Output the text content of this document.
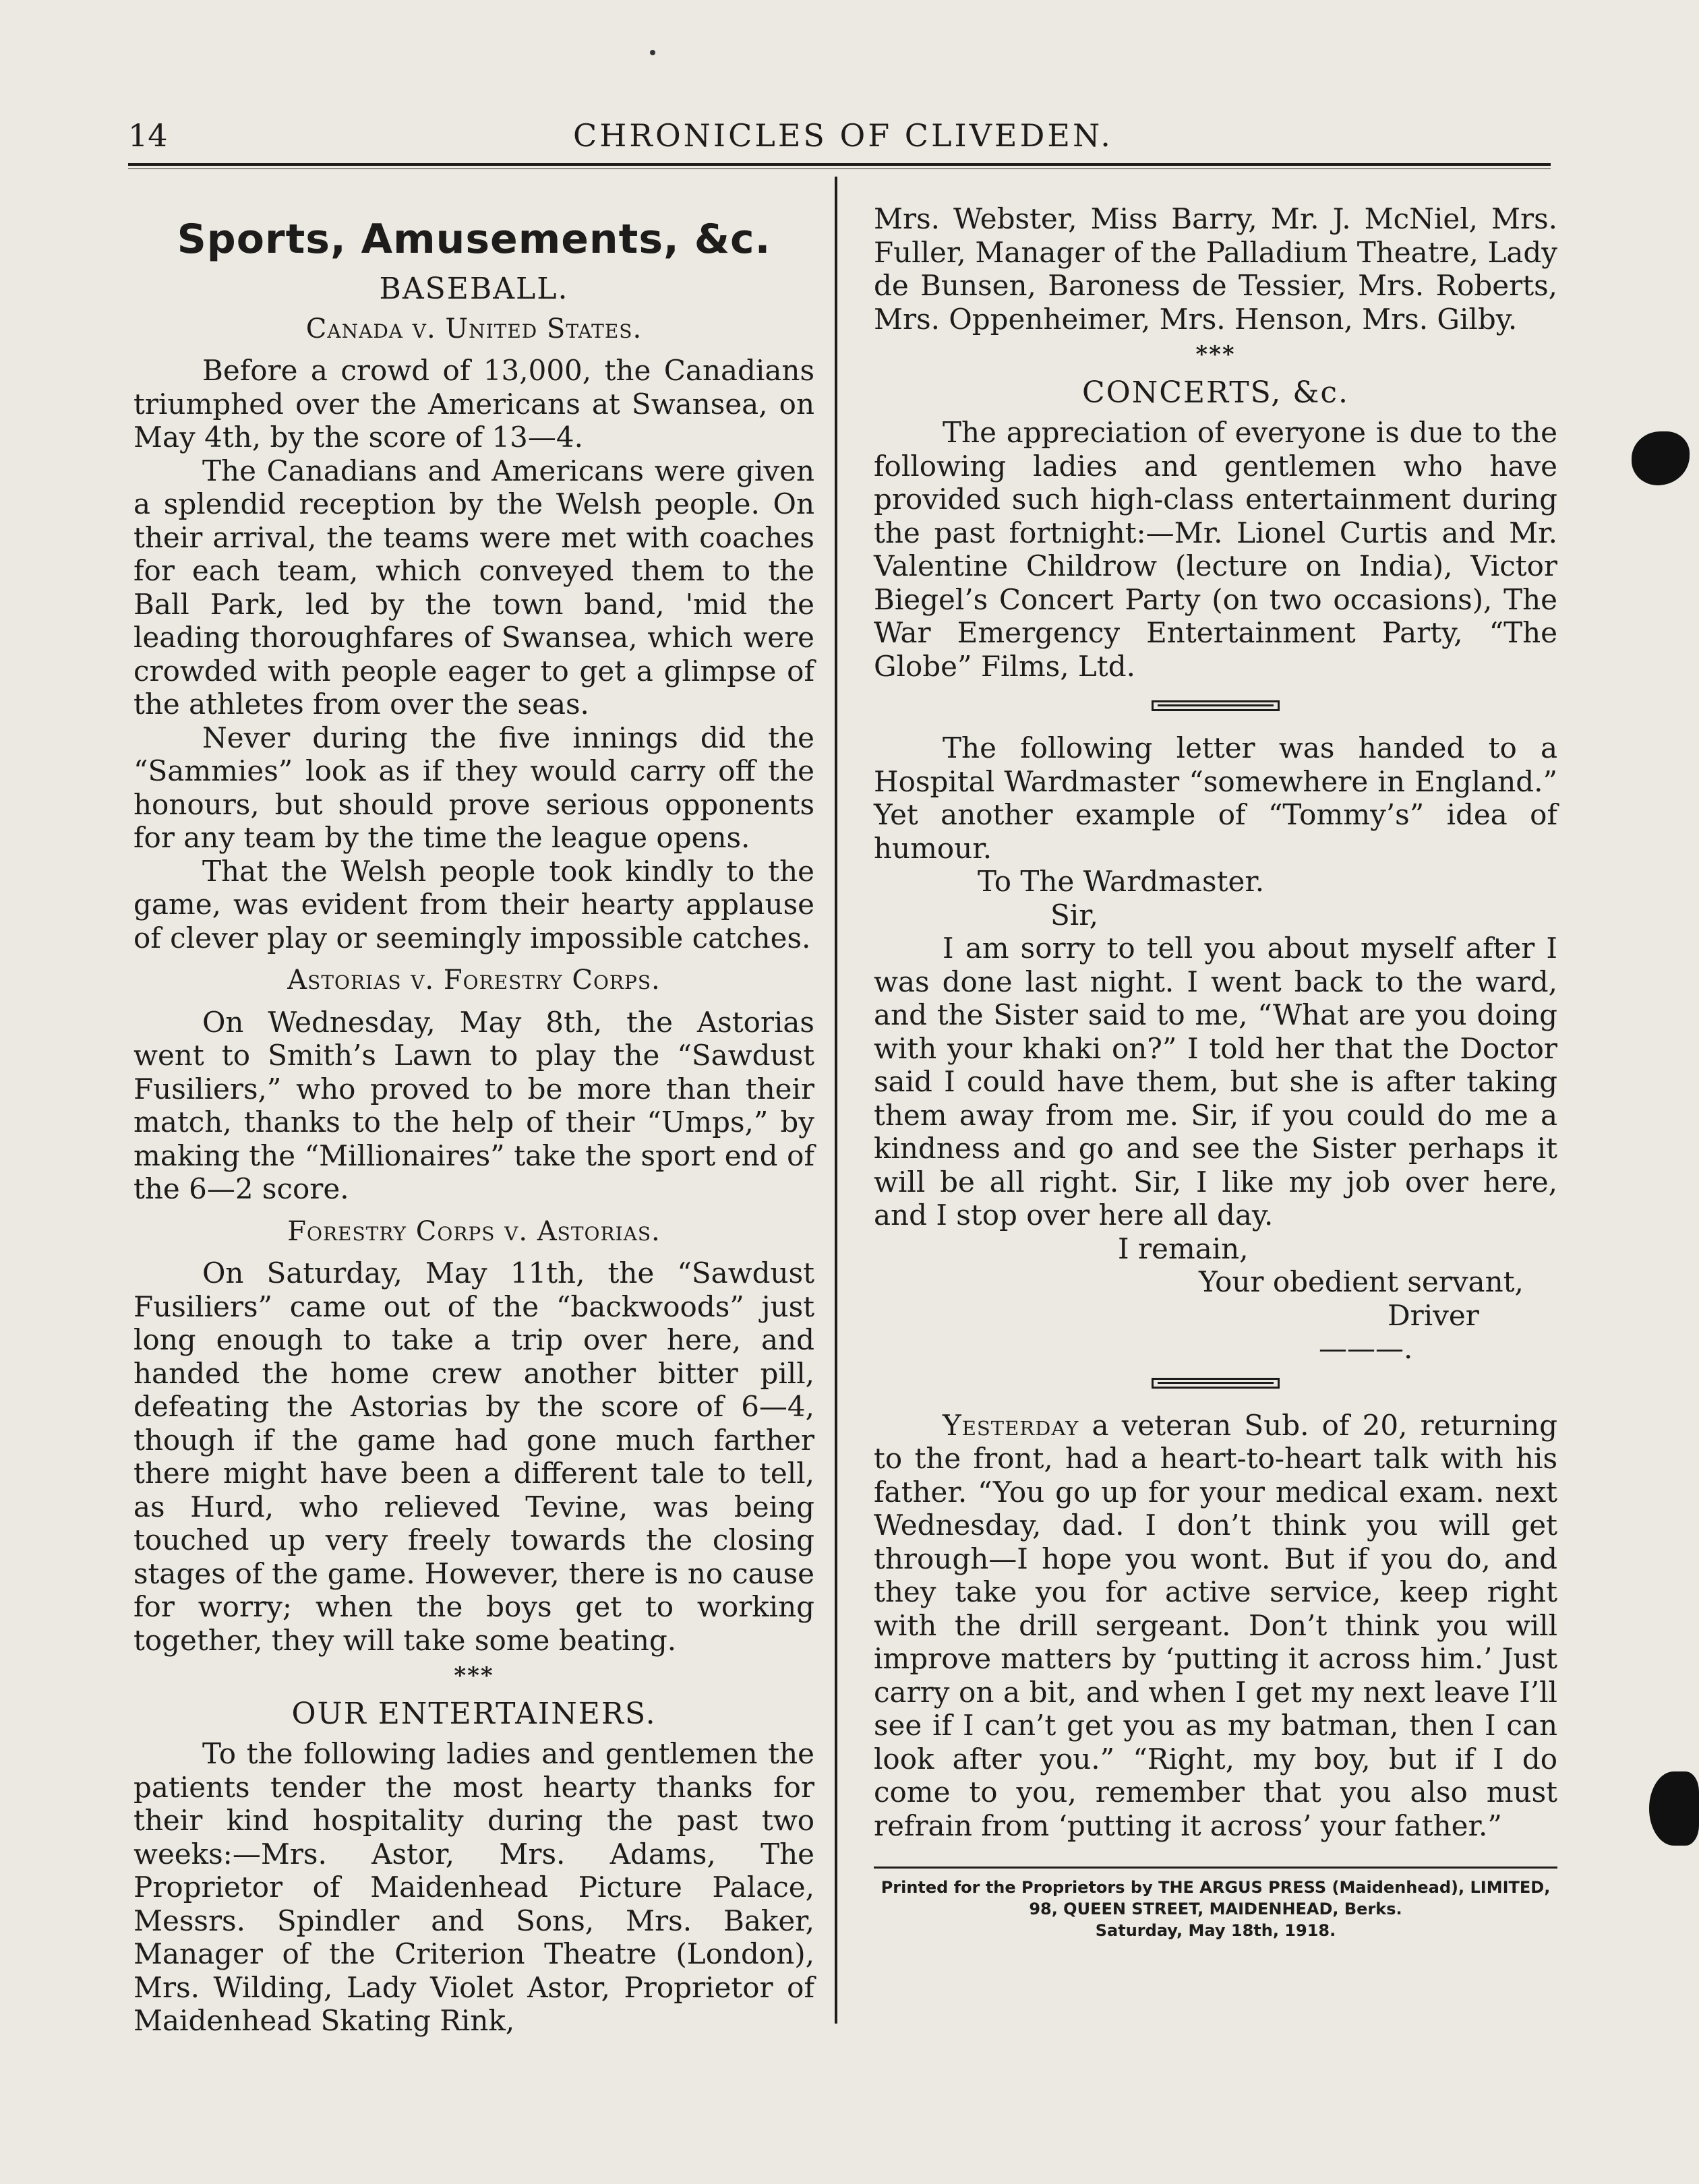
14	CHRONICLES OF CLIVEDEN.
Sports, Amusements, &c.
BASEBALL.
Canada v. United States.

Before a crowd of 13,000, the Canadians triumphed over the Americans at Swansea, on May 4th, by the score of 13—4.

The Canadians and Americans were given a splendid reception by the Welsh people. On their arrival, the teams were met with coaches for each team, which conveyed them to the Ball Park, led by the town band, 'mid the leading thoroughfares of Swansea, which were crowded with people eager to get a glimpse of the athletes from over the seas.

Never during the five innings did the “Sammies” look as if they would carry off the honours, but should prove serious opponents for any team by the time the league opens.

That the Welsh people took kindly to the game, was evident from their hearty applause of clever play or seemingly impossible catches.

Astorias v. Forestry Corps.

On Wednesday, May 8th, the Astorias went to Smith’s Lawn to play the “Sawdust Fusiliers,” who proved to be more than their match, thanks to the help of their “Umps,” by making the “Millionaires” take the sport end of the 6—2 score.

Forestry Corps v. Astorias.

On Saturday, May 11th, the “Sawdust Fusiliers” came out of the “backwoods” just long enough to take a trip over here, and handed the home crew another bitter pill, defeating the Astorias by the score of 6—4, though if the game had gone much farther there might have been a different tale to tell, as Hurd, who relieved Tevine, was being touched up very freely towards the closing stages of the game. However, there is no cause for worry; when the boys get to working together, they will take some beating.

***
OUR ENTERTAINERS.

To the following ladies and gentlemen the patients tender the most hearty thanks for their kind hospitality during the past two weeks:—Mrs. Astor, Mrs. Adams, The Proprietor of Maidenhead Picture Palace, Messrs. Spindler and Sons, Mrs. Baker, Manager of the Criterion Theatre (London), Mrs. Wilding, Lady Violet Astor, Proprietor of Maidenhead Skating Rink,

Mrs. Webster, Miss Barry, Mr. J. McNiel, Mrs. Fuller, Manager of the Palladium Theatre, Lady de Bunsen, Baroness de Tessier, Mrs. Roberts, Mrs. Oppenheimer, Mrs. Henson, Mrs. Gilby.

***
CONCERTS, &c.

The appreciation of everyone is due to the following ladies and gentlemen who have provided such high-class entertainment during the past fortnight:—Mr. Lionel Curtis and Mr. Valentine Childrow (lecture on India), Victor Biegel’s Concert Party (on two occasions), The War Emergency Entertainment Party, “The Globe” Films, Ltd.

The following letter was handed to a Hospital Wardmaster “somewhere in England.” Yet another example of “Tommy’s” idea of humour.

To The Wardmaster.

Sir,

I am sorry to tell you about myself after I was done last night. I went back to the ward, and the Sister said to me, “What are you doing with your khaki on?” I told her that the Doctor said I could have them, but she is after taking them away from me. Sir, if you could do me a kindness and go and see the Sister perhaps it will be all right. Sir, I like my job over here, and I stop over here all day.

I remain,

Your obedient servant,

Driver ———.

Yesterday a veteran Sub. of 20, returning to the front, had a heart-to-heart talk with his father. “You go up for your medical exam. next Wednesday, dad. I don’t think you will get through—I hope you wont. But if you do, and they take you for active service, keep right with the drill sergeant. Don’t think you will improve matters by ‘putting it across him.’ Just carry on a bit, and when I get my next leave I’ll see if I can’t get you as my batman, then I can look after you.” “Right, my boy, but if I do come to you, remember that you also must refrain from ‘putting it across’ your father.”

Printed for the Proprietors by THE ARGUS PRESS (Maidenhead), LIMITED, 98, QUEEN STREET, MAIDENHEAD, Berks.
Saturday, May 18th, 1918.
